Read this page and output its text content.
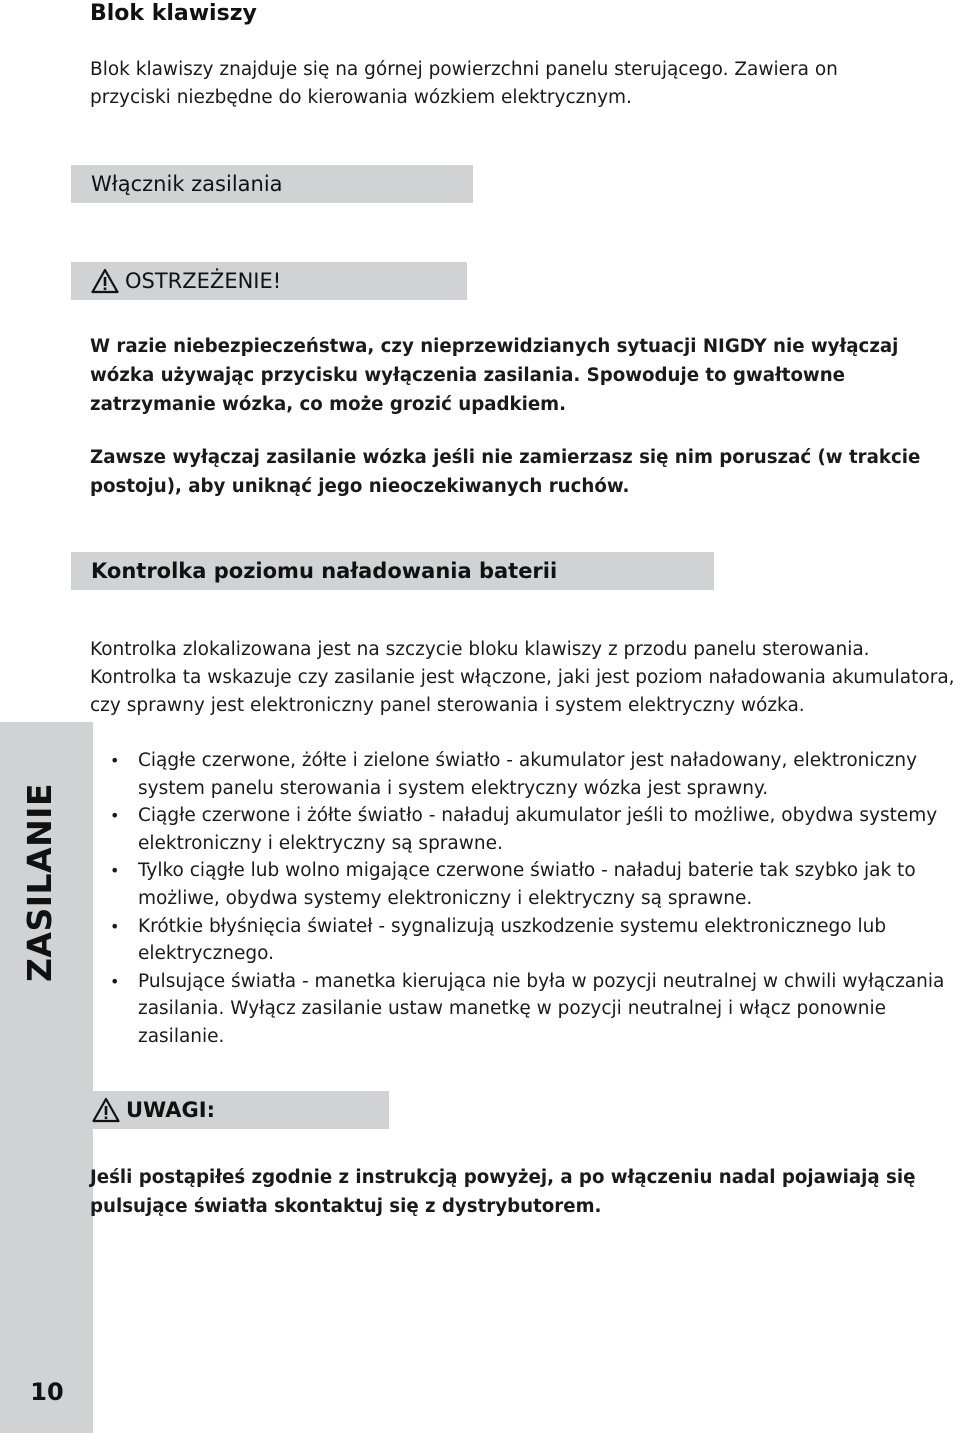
ZASILANIE
10
Blok klawiszy
Blok klawiszy znajduje się na górnej powierzchni panelu sterującego. Zawiera on przyciski niezbędne do kierowania wózkiem elektrycznym.
Włącznik zasilania
OSTRZEŻENIE!
W razie niebezpieczeństwa, czy nieprzewidzianych sytuacji NIGDY nie wyłączaj wózka używając przycisku wyłączenia zasilania. Spowoduje to gwałtowne zatrzymanie wózka, co może grozić upadkiem.
Zawsze wyłączaj zasilanie wózka jeśli nie zamierzasz się nim poruszać (w trakcie postoju), aby uniknąć jego nieoczekiwanych ruchów.
Kontrolka poziomu naładowania baterii
Kontrolka zlokalizowana jest na szczycie bloku klawiszy z przodu panelu sterowania. Kontrolka ta wskazuje czy zasilanie jest włączone, jaki jest poziom naładowania akumulatora, czy sprawny jest elektroniczny panel sterowania i system elektryczny wózka.
• Ciągłe czerwone, żółte i zielone światło - akumulator jest naładowany, elektroniczny system panelu sterowania i system elektryczny wózka jest sprawny.
• Ciągłe czerwone i żółte światło - naładuj akumulator jeśli to możliwe, obydwa systemy elektroniczny i elektryczny są sprawne.
• Tylko ciągłe lub wolno migające czerwone światło - naładuj baterie tak szybko jak to możliwe, obydwa systemy elektroniczny i elektryczny są sprawne.
• Krótkie błyśnięcia świateł - sygnalizują uszkodzenie systemu elektronicznego lub elektrycznego.
• Pulsujące światła - manetka kierująca nie była w pozycji neutralnej w chwili wyłączania zasilania. Wyłącz zasilanie ustaw manetkę w pozycji neutralnej i włącz ponownie zasilanie.
UWAGI:
Jeśli postąpiłeś zgodnie z instrukcją powyżej, a po włączeniu nadal pojawiają się pulsujące światła skontaktuj się z dystrybutorem.
